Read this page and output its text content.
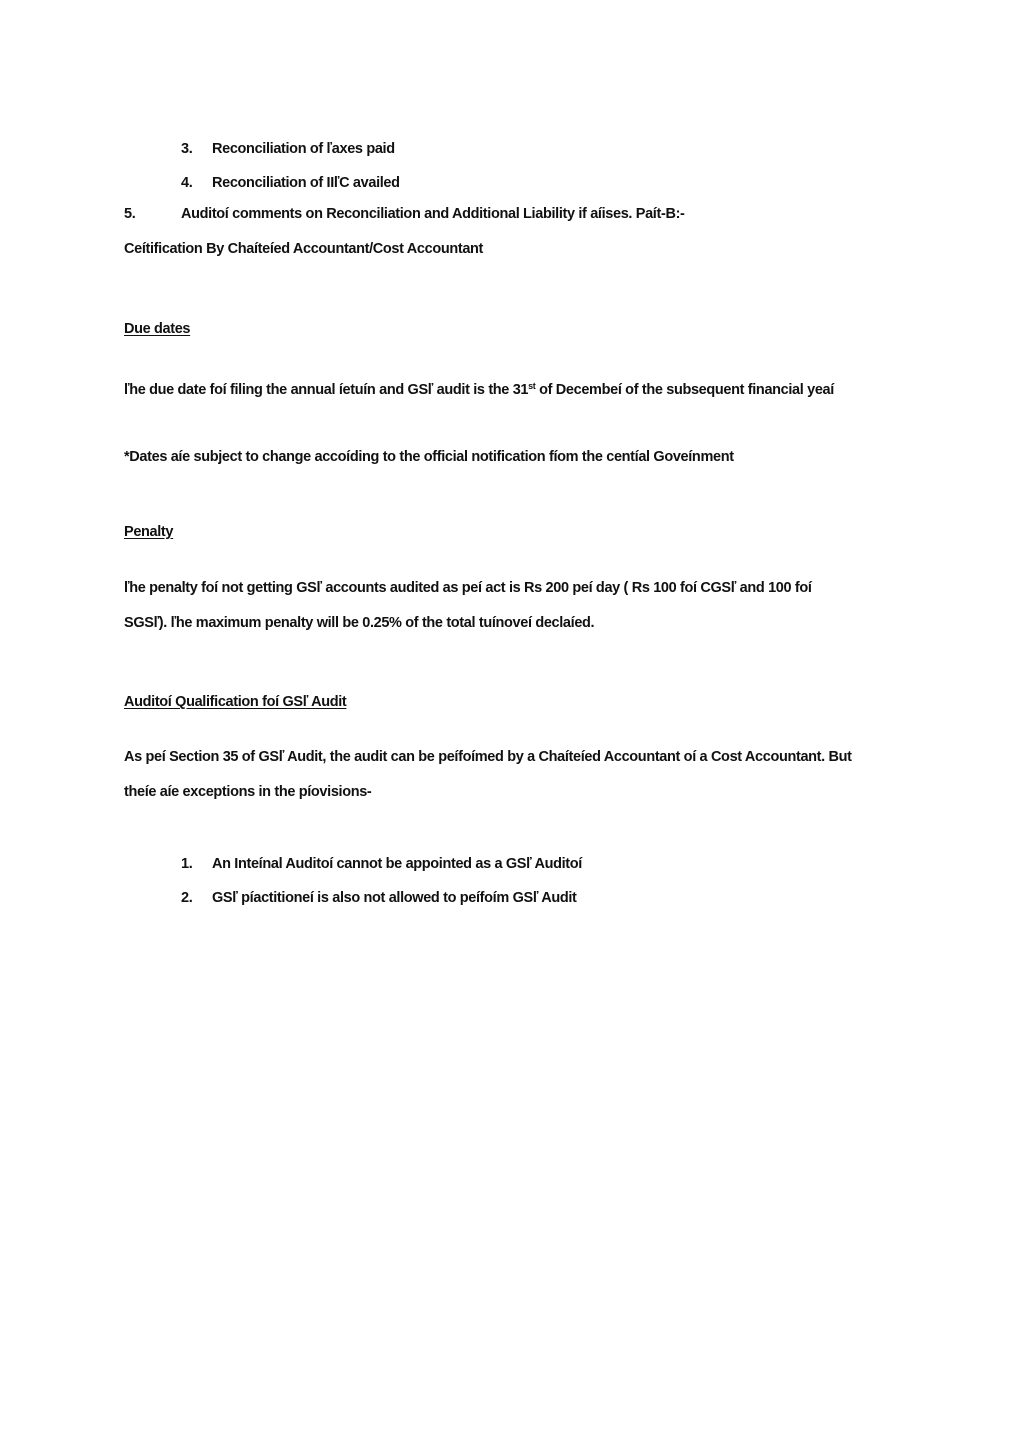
3. Reconciliation of ľaxes paid
4. Reconciliation of IIľC availed
5.	Auditoí comments on Reconciliation and Additional Liability if aíises. Paít-B:-
Ceítification By Chaíteíed Accountant/Cost Accountant
Due dates
ľhe due date foí filing the annual íetuín and GSľ audit is the 31st of Decembeí of the subsequent financial yeaí
*Dates aíe subject to change accoíding to the official notification fíom the centíal Goveínment
Penalty
ľhe penalty foí not getting GSľ accounts audited as peí act is Rs 200 peí day ( Rs 100 foí CGSľ and 100 foí
SGSľ). ľhe maximum penalty will be 0.25% of the total tuínoveí declaíed.
Auditoí Qualification foí GSľ Audit
As peí Section 35 of GSľ Audit, the audit can be peífoímed by a Chaíteíed Accountant oí a Cost Accountant. But
theíe aíe exceptions in the píovisions-
1. An Inteínal Auditoí cannot be appointed as a GSľ Auditoí
2. GSľ píactitioneí is also not allowed to peífoím GSľ Audit
